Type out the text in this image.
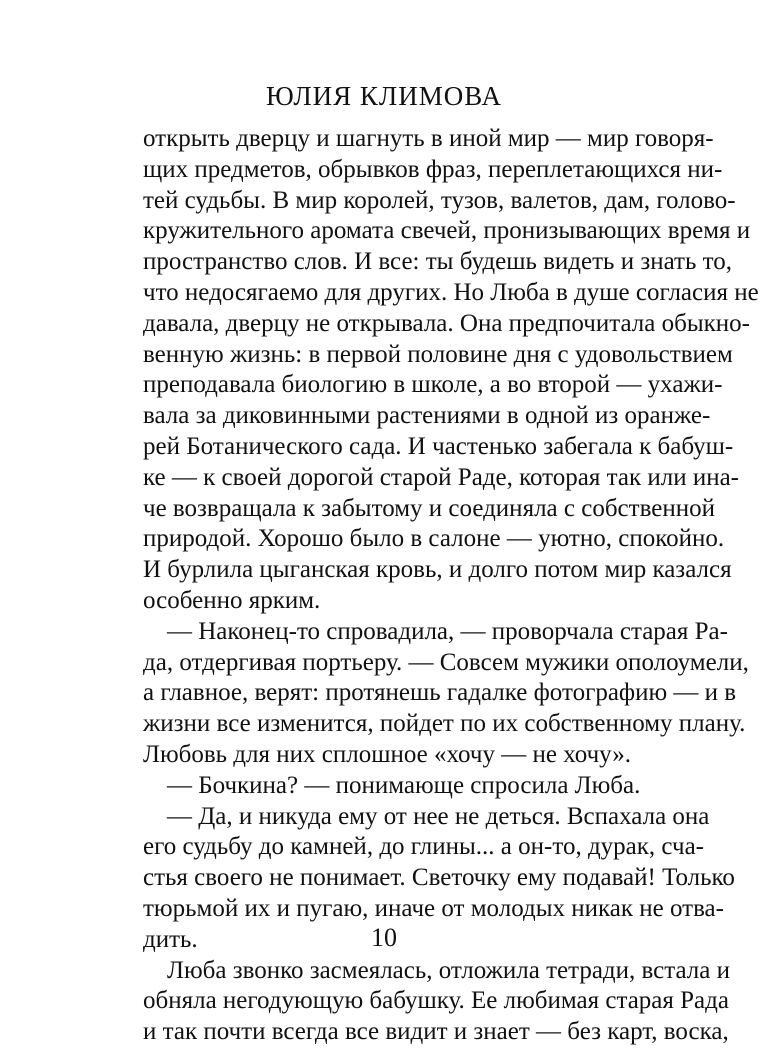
ЮЛИЯ КЛИМОВА
открыть дверцу и шагнуть в иной мир — мир говоря-
щих предметов, обрывков фраз, переплетающихся ни-
тей судьбы. В мир королей, тузов, валетов, дам, голово-
кружительного аромата свечей, пронизывающих время и
пространство слов. И все: ты будешь видеть и знать то,
что недосягаемо для других. Но Люба в душе согласия не
давала, дверцу не открывала. Она предпочитала обыкно-
венную жизнь: в первой половине дня с удовольствием
преподавала биологию в школе, а во второй — ухажи-
вала за диковинными растениями в одной из оранже-
рей Ботанического сада. И частенько забегала к бабуш-
ке — к своей дорогой старой Раде, которая так или ина-
че возвращала к забытому и соединяла с собственной
природой. Хорошо было в салоне — уютно, спокойно.
И бурлила цыганская кровь, и долго потом мир казался
особенно ярким.
— Наконец-то спровадила, — проворчала старая Ра-
да, отдергивая портьеру. — Совсем мужики ополоумели,
а главное, верят: протянешь гадалке фотографию — и в
жизни все изменится, пойдет по их собственному плану.
Любовь для них сплошное «хочу — не хочу».
— Бочкина? — понимающе спросила Люба.
— Да, и никуда ему от нее не деться. Вспахала она
его судьбу до камней, до глины... а он-то, дурак, сча-
стья своего не понимает. Светочку ему подавай! Только
тюрьмой их и пугаю, иначе от молодых никак не отва-
дить.
Люба звонко засмеялась, отложила тетради, встала и
обняла негодующую бабушку. Ее любимая старая Рада
и так почти всегда все видит и знает — без карт, воска,
10
